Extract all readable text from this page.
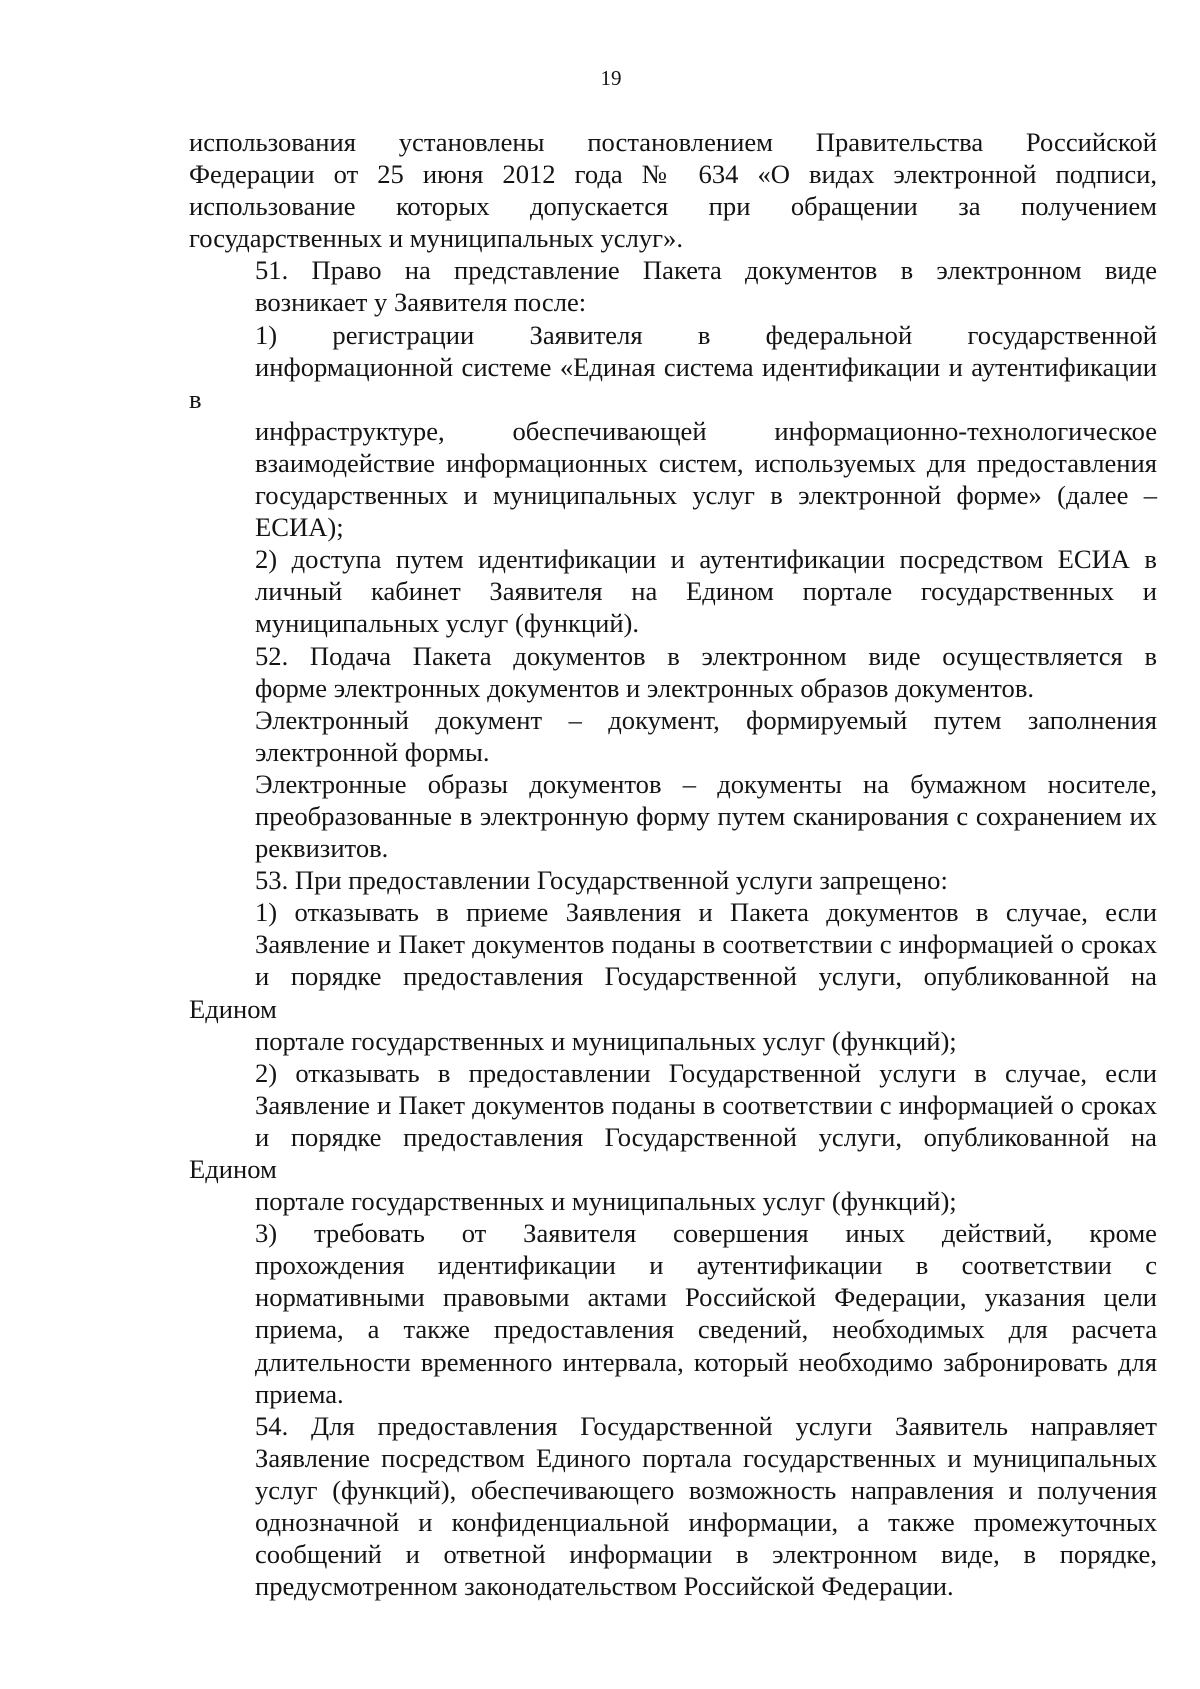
19

использования установлены постановлением Правительства Российской
Федерации от 25 июня 2012 года № 634 «О видах электронной подписи,
использование которых допускается при обращении за получением
государственных и муниципальных услуг».

51. Право на представление Пакета документов в электронном виде
возникает у Заявителя после:

1) регистрации Заявителя в федеральной государственной
информационной системе «Единая система идентификации и аутентификации в
инфраструктуре, обеспечивающей информационно-технологическое
взаимодействие информационных систем, используемых для предоставления
государственных и муниципальных услуг в электронной форме» (далее –
ЕСИА);

2) доступа путем идентификации и аутентификации посредством ЕСИА в
личный кабинет Заявителя на Едином портале государственных и
муниципальных услуг (функций).

52. Подача Пакета документов в электронном виде осуществляется в
форме электронных документов и электронных образов документов.

Электронный документ – документ, формируемый путем заполнения
электронной формы.

Электронные образы документов – документы на бумажном носителе,
преобразованные в электронную форму путем сканирования с сохранением их
реквизитов.

53. При предоставлении Государственной услуги запрещено:

1) отказывать в приеме Заявления и Пакета документов в случае, если
Заявление и Пакет документов поданы в соответствии с информацией о сроках
и порядке предоставления Государственной услуги, опубликованной на Едином
портале государственных и муниципальных услуг (функций);

2) отказывать в предоставлении Государственной услуги в случае, если
Заявление и Пакет документов поданы в соответствии с информацией о сроках
и порядке предоставления Государственной услуги, опубликованной на Едином
портале государственных и муниципальных услуг (функций);

3) требовать от Заявителя совершения иных действий, кроме
прохождения идентификации и аутентификации в соответствии с
нормативными правовыми актами Российской Федерации, указания цели
приема, а также предоставления сведений, необходимых для расчета
длительности временного интервала, который необходимо забронировать для
приема.

54. Для предоставления Государственной услуги Заявитель направляет
Заявление посредством Единого портала государственных и муниципальных
услуг (функций), обеспечивающего возможность направления и получения
однозначной и конфиденциальной информации, а также промежуточных
сообщений и ответной информации в электронном виде, в порядке,
предусмотренном законодательством Российской Федерации.
